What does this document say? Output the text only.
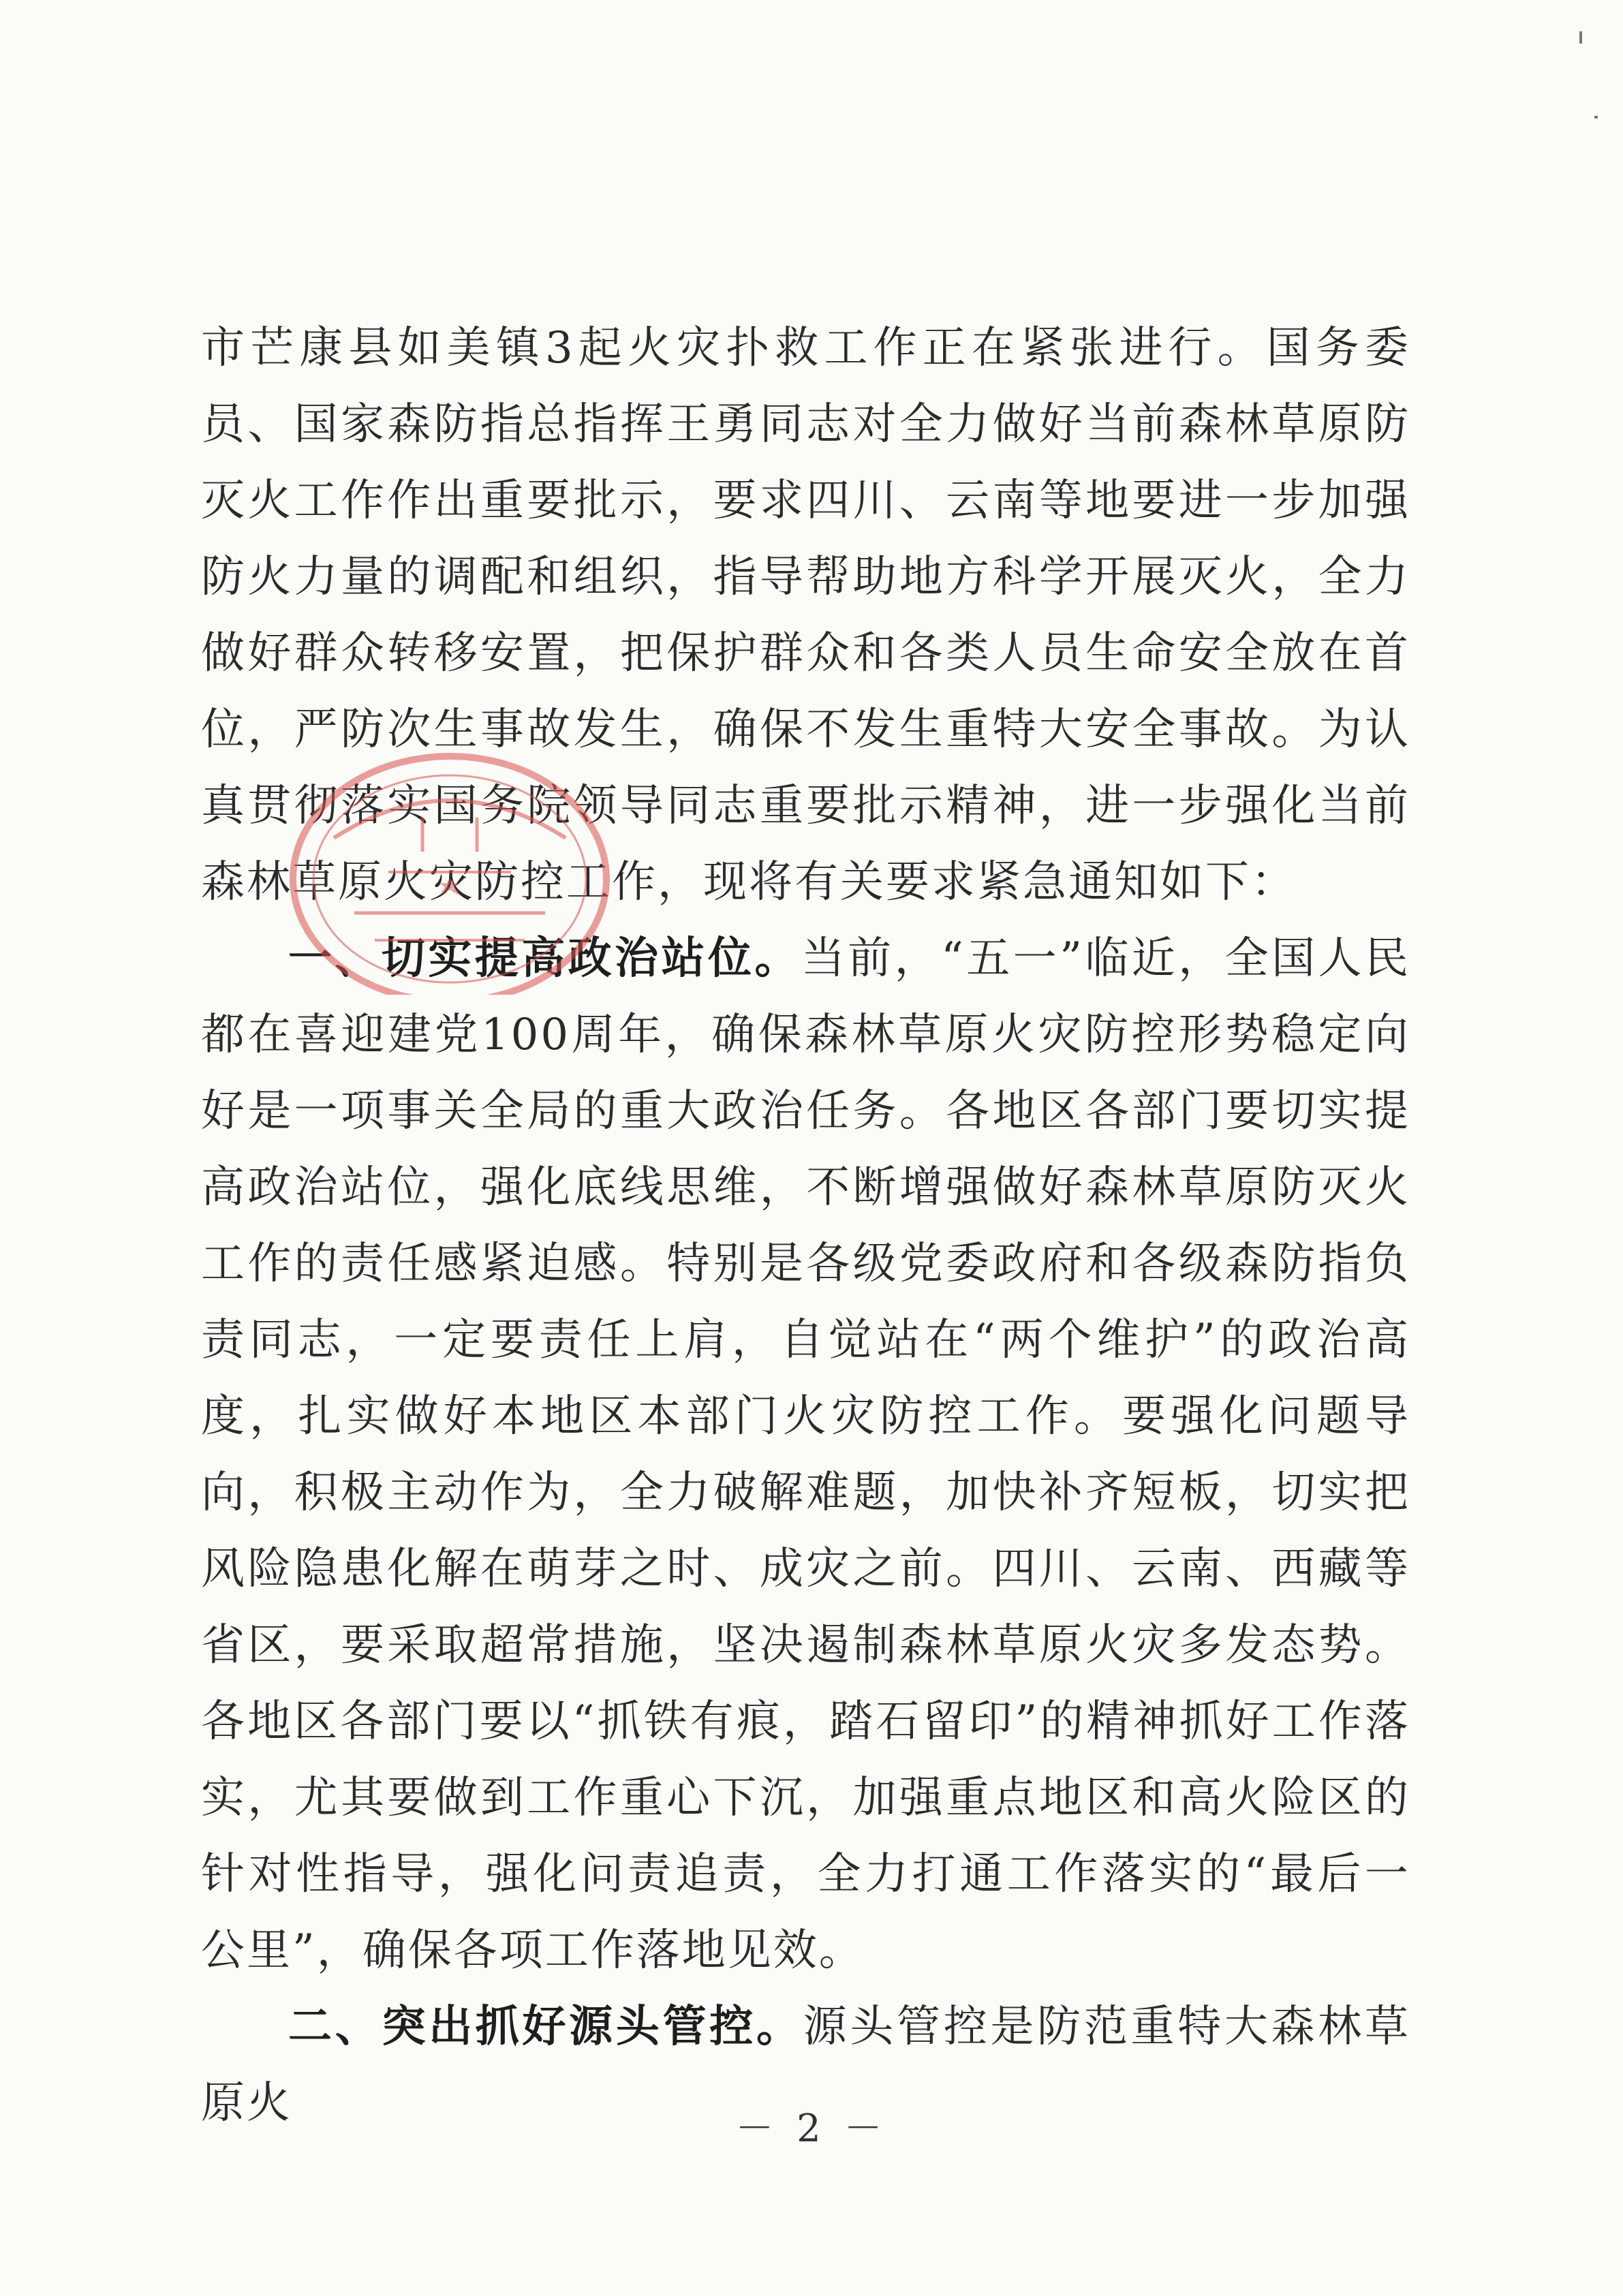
市芒康县如美镇3起火灾扑救工作正在紧张进行。国务委员、国家森防指总指挥王勇同志对全力做好当前森林草原防灭火工作作出重要批示，要求四川、云南等地要进一步加强防火力量的调配和组织，指导帮助地方科学开展灭火，全力做好群众转移安置，把保护群众和各类人员生命安全放在首位，严防次生事故发生，确保不发生重特大安全事故。为认真贯彻落实国务院领导同志重要批示精神，进一步强化当前森林草原火灾防控工作，现将有关要求紧急通知如下：

一、切实提高政治站位。当前，“五一”临近，全国人民都在喜迎建党100周年，确保森林草原火灾防控形势稳定向好是一项事关全局的重大政治任务。各地区各部门要切实提高政治站位，强化底线思维，不断增强做好森林草原防灭火工作的责任感紧迫感。特别是各级党委政府和各级森防指负责同志，一定要责任上肩，自觉站在“两个维护”的政治高度，扎实做好本地区本部门火灾防控工作。要强化问题导向，积极主动作为，全力破解难题，加快补齐短板，切实把风险隐患化解在萌芽之时、成灾之前。四川、云南、西藏等省区，要采取超常措施，坚决遏制森林草原火灾多发态势。各地区各部门要以“抓铁有痕，踏石留印”的精神抓好工作落实，尤其要做到工作重心下沉，加强重点地区和高火险区的针对性指导，强化问责追责，全力打通工作落实的“最后一公里”，确保各项工作落地见效。

二、突出抓好源头管控。源头管控是防范重特大森林草原火

－ 2 －
